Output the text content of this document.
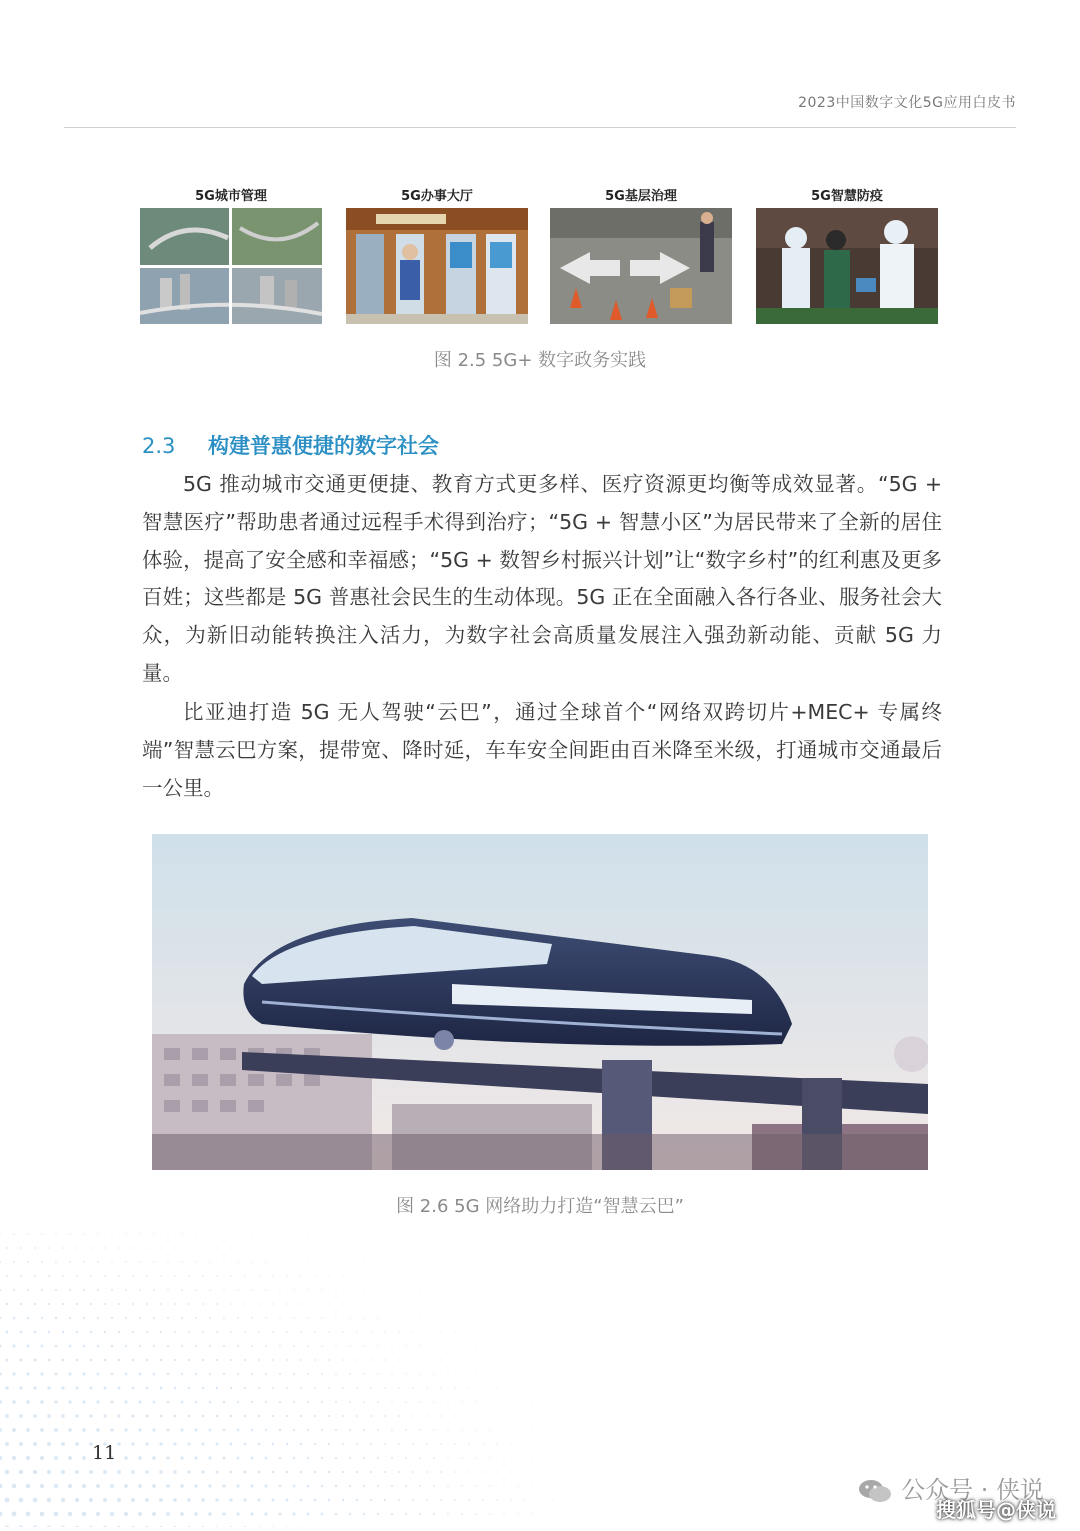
2023中国数字文化5G应用白皮书
5G城市管理	5G办事大厅	5G基层治理	5G智慧防疫
图 2.5 5G+ 数字政务实践
2.3 构建普惠便捷的数字社会

5G 推动城市交通更便捷、教育方式更多样、医疗资源更均衡等成效显著。“5G + 智慧医疗”帮助患者通过远程手术得到治疗；“5G + 智慧小区”为居民带来了全新的居住体验，提高了安全感和幸福感；“5G + 数智乡村振兴计划”让“数字乡村”的红利惠及更多百姓；这些都是 5G 普惠社会民生的生动体现。5G 正在全面融入各行各业、服务社会大众，为新旧动能转换注入活力，为数字社会高质量发展注入强劲新动能、贡献 5G 力量。

比亚迪打造 5G 无人驾驶“云巴”，通过全球首个“网络双跨切片+MEC+ 专属终端”智慧云巴方案，提带宽、降时延，车车安全间距由百米降至米级，打通城市交通最后一公里。

图 2.6 5G 网络助力打造“智慧云巴”
11
公众号 · 侠说
搜狐号@侠说
